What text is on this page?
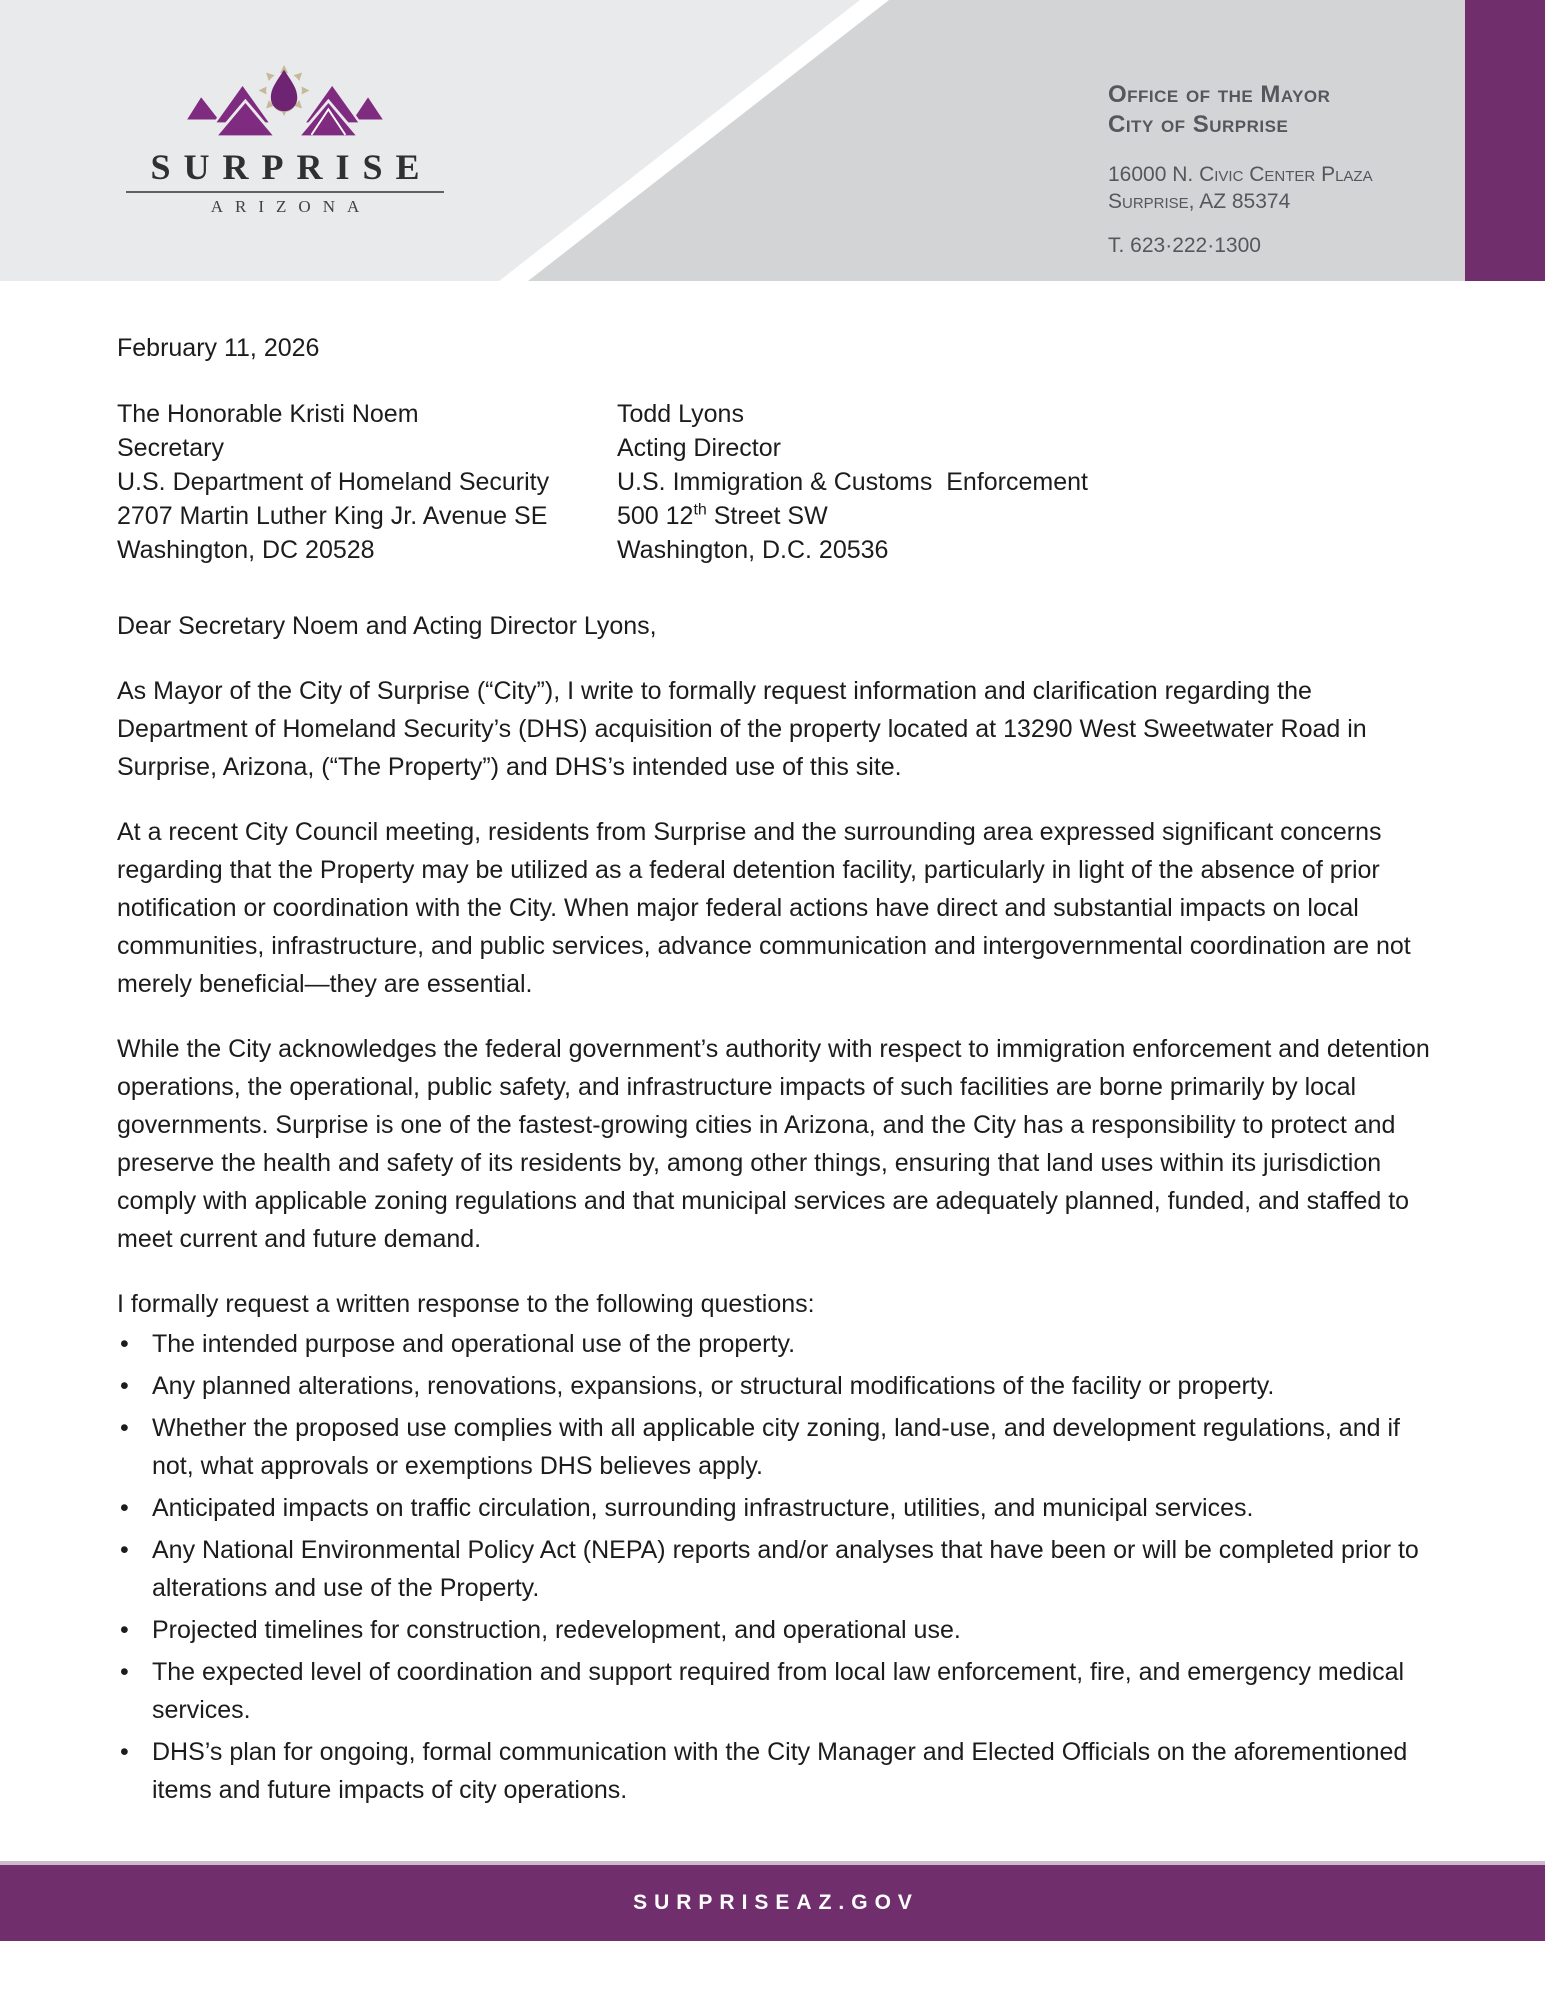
SURPRISE
ARIZONA
Office of the Mayor
City of Surprise
16000 N. Civic Center Plaza
Surprise, AZ 85374
T. 623·222·1300

February 11, 2026

The Honorable Kristi Noem
Secretary
U.S. Department of Homeland Security
2707 Martin Luther King Jr. Avenue SE
Washington, DC 20528
Todd Lyons
Acting Director
U.S. Immigration & Customs  Enforcement
500 12th Street SW
Washington, D.C. 20536

Dear Secretary Noem and Acting Director Lyons,

As Mayor of the City of Surprise (“City”), I write to formally request information and clarification regarding the Department of Homeland Security’s (DHS) acquisition of the property located at 13290 West Sweetwater Road in Surprise, Arizona, (“The Property”) and DHS’s intended use of this site.

At a recent City Council meeting, residents from Surprise and the surrounding area expressed significant concerns regarding that the Property may be utilized as a federal detention facility, particularly in light of the absence of prior notification or coordination with the City. When major federal actions have direct and substantial impacts on local communities, infrastructure, and public services, advance communication and intergovernmental coordination are not merely beneficial—they are essential.

While the City acknowledges the federal government’s authority with respect to immigration enforcement and detention operations, the operational, public safety, and infrastructure impacts of such facilities are borne primarily by local governments. Surprise is one of the fastest-growing cities in Arizona, and the City has a responsibility to protect and preserve the health and safety of its residents by, among other things, ensuring that land uses within its jurisdiction comply with applicable zoning regulations and that municipal services are adequately planned, funded, and staffed to meet current and future demand.

I formally request a written response to the following questions:

• The intended purpose and operational use of the property.
• Any planned alterations, renovations, expansions, or structural modifications of the facility or property.
• Whether the proposed use complies with all applicable city zoning, land-use, and development regulations, and if not, what approvals or exemptions DHS believes apply.
• Anticipated impacts on traffic circulation, surrounding infrastructure, utilities, and municipal services.
• Any National Environmental Policy Act (NEPA) reports and/or analyses that have been or will be completed prior to alterations and use of the Property.
• Projected timelines for construction, redevelopment, and operational use.
• The expected level of coordination and support required from local law enforcement, fire, and emergency medical services.
• DHS’s plan for ongoing, formal communication with the City Manager and Elected Officials on the aforementioned items and future impacts of city operations.
SURPRISEAZ.GOV
